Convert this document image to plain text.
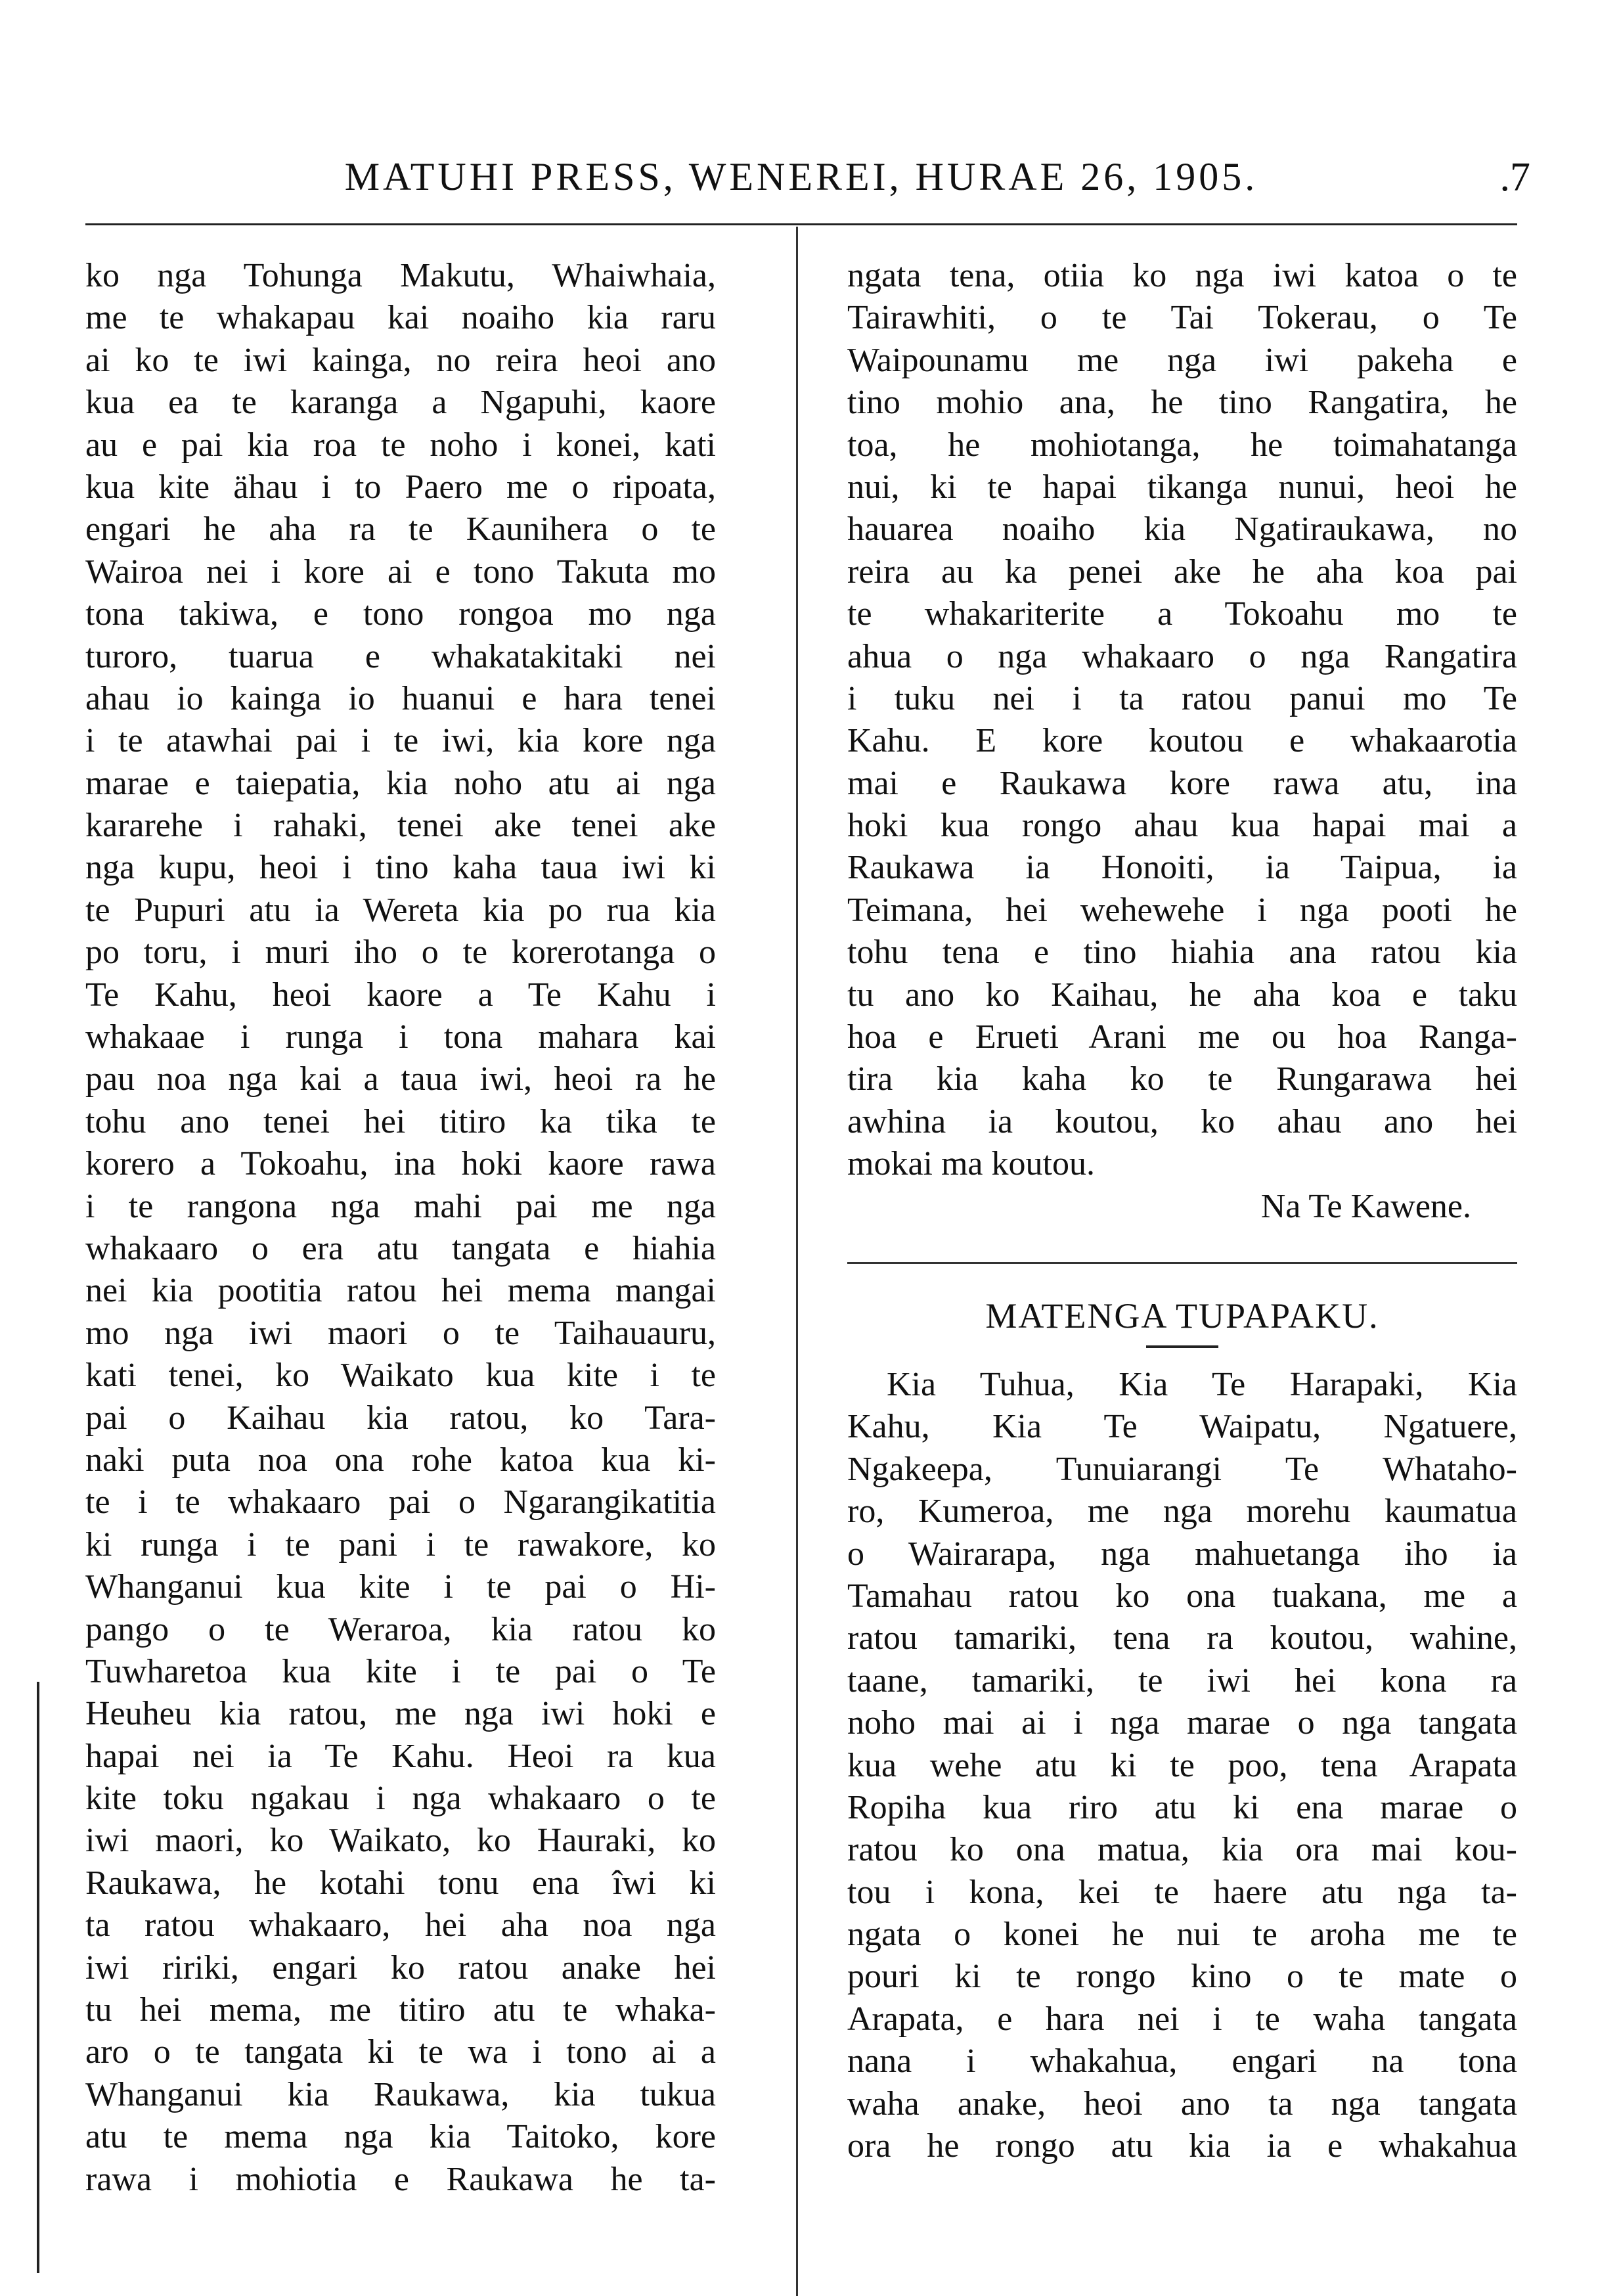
MATUHI PRESS, WENEREI, HURAE 26, 1905.	.7
ko nga Tohunga Makutu, Whaiwhaia,
me te whakapau kai noaiho kia raru
ai ko te iwi kainga, no reira heoi ano
kua ea te karanga a Ngapuhi, kaore
au e pai kia roa te noho i konei, kati
kua kite ähau i to Paero me o ripoata,
engari he aha ra te Kaunihera o te
Wairoa nei i kore ai e tono Takuta mo
tona takiwa, e tono rongoa mo nga
turoro, tuarua e whakatakitaki nei
ahau io kainga io huanui e hara tenei
i te atawhai pai i te iwi, kia kore nga
marae e taiepatia, kia noho atu ai nga
kararehe i rahaki, tenei ake tenei ake
nga kupu, heoi i tino kaha taua iwi ki
te Pupuri atu ia Wereta kia po rua kia
po toru, i muri iho o te korerotanga o
Te Kahu, heoi kaore a Te Kahu i
whakaae i runga i tona mahara kai
pau noa nga kai a taua iwi, heoi ra he
tohu ano tenei hei titiro ka tika te
korero a Tokoahu, ina hoki kaore rawa
i te rangona nga mahi pai me nga
whakaaro o era atu tangata e hiahia
nei kia pootitia ratou hei mema mangai
mo nga iwi maori o te Taihauauru,
kati tenei, ko Waikato kua kite i te
pai o Kaihau kia ratou, ko Tara-
naki puta noa ona rohe katoa kua ki-
te i te whakaaro pai o Ngarangikatitia
ki runga i te pani i te rawakore, ko
Whanganui kua kite i te pai o Hi-
pango o te Weraroa, kia ratou ko
Tuwharetoa kua kite i te pai o Te
Heuheu kia ratou, me nga iwi hoki e
hapai nei ia Te Kahu. Heoi ra kua
kite toku ngakau i nga whakaaro o te
iwi maori, ko Waikato, ko Hauraki, ko
Raukawa, he kotahi tonu ena îwi ki
ta ratou whakaaro, hei aha noa nga
iwi ririki, engari ko ratou anake hei
tu hei mema, me titiro atu te whaka-
aro o te tangata ki te wa i tono ai a
Whanganui kia Raukawa, kia tukua
atu te mema nga kia Taitoko, kore
rawa i mohiotia e Raukawa he ta-
ngata tena, otiia ko nga iwi katoa o te
Tairawhiti, o te Tai Tokerau, o Te
Waipounamu me nga iwi pakeha e
tino mohio ana, he tino Rangatira, he
toa, he mohiotanga, he toimahatanga
nui, ki te hapai tikanga nunui, heoi he
hauarea noaiho kia Ngatiraukawa, no
reira au ka penei ake he aha koa pai
te whakariterite a Tokoahu mo te
ahua o nga whakaaro o nga Rangatira
i tuku nei i ta ratou panui mo Te
Kahu. E kore koutou e whakaarotia
mai e Raukawa kore rawa atu, ina
hoki kua rongo ahau kua hapai mai a
Raukawa ia Honoiti, ia Taipua, ia
Teimana, hei wehewehe i nga pooti he
tohu tena e tino hiahia ana ratou kia
tu ano ko Kaihau, he aha koa e taku
hoa e Erueti Arani me ou hoa Ranga-
tira kia kaha ko te Rungarawa hei
awhina ia koutou, ko ahau ano hei
mokai ma koutou.
Na Te Kawene.
MATENGA TUPAPAKU.
Kia Tuhua, Kia Te Harapaki, Kia
Kahu, Kia Te Waipatu, Ngatuere,
Ngakeepa, Tunuiarangi Te Whataho-
ro, Kumeroa, me nga morehu kaumatua
o Wairarapa, nga mahuetanga iho ia
Tamahau ratou ko ona tuakana, me a
ratou tamariki, tena ra koutou, wahine,
taane, tamariki, te iwi hei kona ra
noho mai ai i nga marae o nga tangata
kua wehe atu ki te poo, tena Arapata
Ropiha kua riro atu ki ena marae o
ratou ko ona matua, kia ora mai kou-
tou i kona, kei te haere atu nga ta-
ngata o konei he nui te aroha me te
pouri ki te rongo kino o te mate o
Arapata, e hara nei i te waha tangata
nana i whakahua, engari na tona
waha anake, heoi ano ta nga tangata
ora he rongo atu kia ia e whakahua
